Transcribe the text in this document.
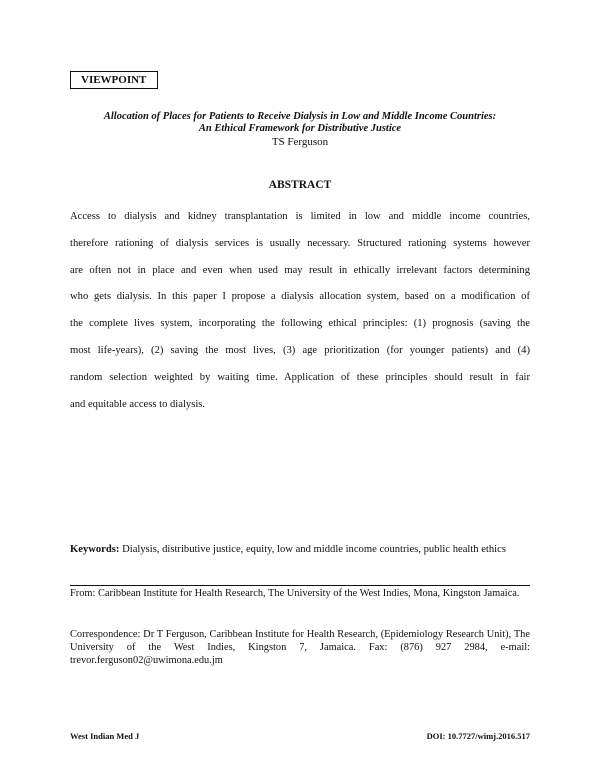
VIEWPOINT
Allocation of Places for Patients to Receive Dialysis in Low and Middle Income Countries:
An Ethical Framework for Distributive Justice
TS Ferguson
ABSTRACT
Access to dialysis and kidney transplantation is limited in low and middle income countries,
therefore rationing of dialysis services is usually necessary. Structured rationing systems however
are often not in place and even when used may result in ethically irrelevant factors determining
who gets dialysis. In this paper I propose a dialysis allocation system, based on a modification of
the complete lives system, incorporating the following ethical principles: (1) prognosis (saving the
most life-years), (2) saving the most lives, (3) age prioritization (for younger patients) and (4)
random selection weighted by waiting time. Application of these principles should result in fair
and equitable access to dialysis.
Keywords: Dialysis, distributive justice, equity, low and middle income countries, public health ethics
From: Caribbean Institute for Health Research, The University of the West Indies, Mona, Kingston Jamaica.
Correspondence: Dr T Ferguson, Caribbean Institute for Health Research, (Epidemiology Research Unit), The University of the West Indies, Kingston 7, Jamaica. Fax: (876) 927 2984, e-mail: trevor.ferguson02@uwimona.edu.jm
West Indian Med J	DOI: 10.7727/wimj.2016.517
